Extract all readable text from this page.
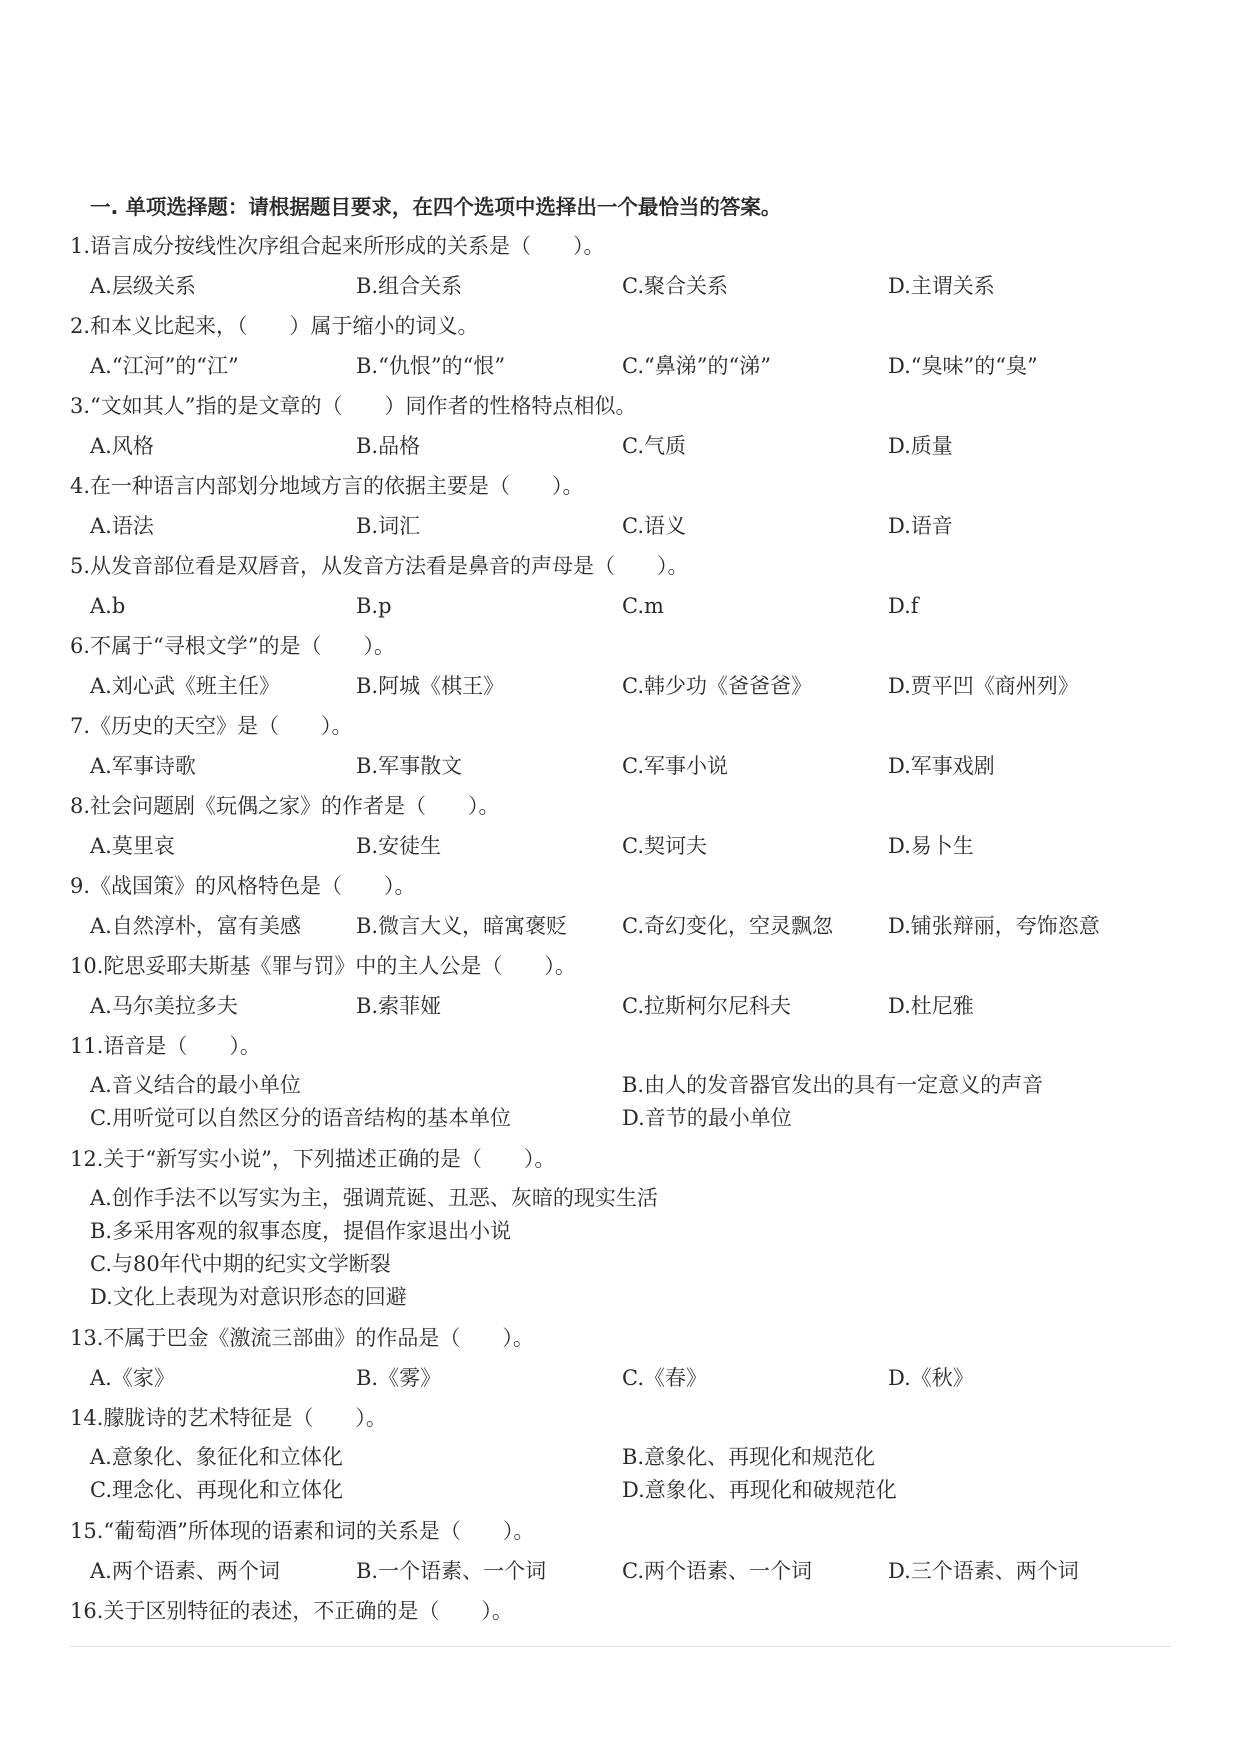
一. 单项选择题：请根据题目要求，在四个选项中选择出一个最恰当的答案。
1.语言成分按线性次序组合起来所形成的关系是（　　）。
A.层级关系	B.组合关系	C.聚合关系	D.主谓关系
2.和本义比起来，（　　）属于缩小的词义。
A.“江河”的“江”	B.“仇恨”的“恨”	C.“鼻涕”的“涕”	D.“臭味”的“臭”
3.“文如其人”指的是文章的（　　）同作者的性格特点相似。
A.风格	B.品格	C.气质	D.质量
4.在一种语言内部划分地域方言的依据主要是（　　）。
A.语法	B.词汇	C.语义	D.语音
5.从发音部位看是双唇音，从发音方法看是鼻音的声母是（　　）。
A.b	B.p	C.m	D.f
6.不属于“寻根文学”的是（　　）。
A.刘心武《班主任》	B.阿城《棋王》	C.韩少功《爸爸爸》	D.贾平凹《商州列》
7.《历史的天空》是（　　）。
A.军事诗歌	B.军事散文	C.军事小说	D.军事戏剧
8.社会问题剧《玩偶之家》的作者是（　　）。
A.莫里哀	B.安徒生	C.契诃夫	D.易卜生
9.《战国策》的风格特色是（　　）。
A.自然淳朴，富有美感	B.微言大义，暗寓褒贬	C.奇幻变化，空灵飘忽	D.铺张辩丽，夸饰恣意
10.陀思妥耶夫斯基《罪与罚》中的主人公是（　　）。
A.马尔美拉多夫	B.索菲娅	C.拉斯柯尔尼科夫	D.杜尼雅
11.语音是（　　）。
A.音义结合的最小单位	B.由人的发音器官发出的具有一定意义的声音
C.用听觉可以自然区分的语音结构的基本单位	D.音节的最小单位
12.关于“新写实小说”，下列描述正确的是（　　）。
A.创作手法不以写实为主，强调荒诞、丑恶、灰暗的现实生活
B.多采用客观的叙事态度，提倡作家退出小说
C.与80年代中期的纪实文学断裂
D.文化上表现为对意识形态的回避
13.不属于巴金《激流三部曲》的作品是（　　）。
A.《家》	B.《雾》	C.《春》	D.《秋》
14.朦胧诗的艺术特征是（　　）。
A.意象化、象征化和立体化	B.意象化、再现化和规范化
C.理念化、再现化和立体化	D.意象化、再现化和破规范化
15.“葡萄酒”所体现的语素和词的关系是（　　）。
A.两个语素、两个词	B.一个语素、一个词	C.两个语素、一个词	D.三个语素、两个词
16.关于区别特征的表述，不正确的是（　　）。
